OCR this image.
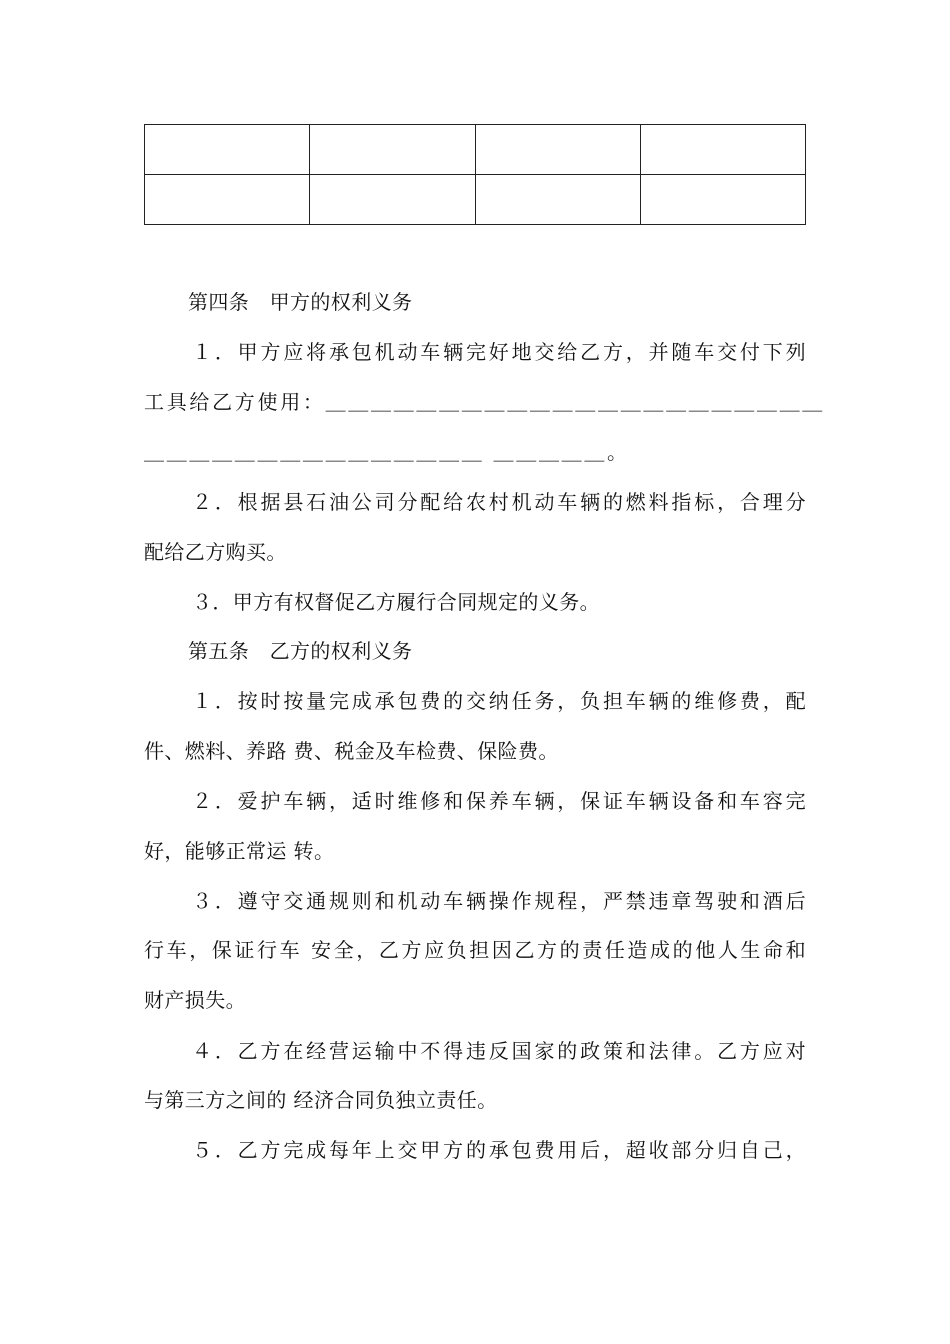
第四条　甲方的权利义务
１．甲方应将承包机动车辆完好地交给乙方，并随车交付下列
工具给乙方使用：＿＿＿＿＿＿＿＿＿＿＿＿＿＿＿＿＿＿＿＿＿＿
＿＿＿＿＿＿＿＿＿＿＿＿＿＿＿ ＿＿＿＿＿。
２．根据县石油公司分配给农村机动车辆的燃料指标，合理分
配给乙方购买。
３．甲方有权督促乙方履行合同规定的义务。
第五条　乙方的权利义务
１．按时按量完成承包费的交纳任务，负担车辆的维修费，配
件、燃料、养路 费、税金及车检费、保险费。
２．爱护车辆，适时维修和保养车辆，保证车辆设备和车容完
好，能够正常运 转。
３．遵守交通规则和机动车辆操作规程，严禁违章驾驶和酒后
行车，保证行车 安全，乙方应负担因乙方的责任造成的他人生命和
财产损失。
４．乙方在经营运输中不得违反国家的政策和法律。乙方应对
与第三方之间的 经济合同负独立责任。
５．乙方完成每年上交甲方的承包费用后，超收部分归自己，
